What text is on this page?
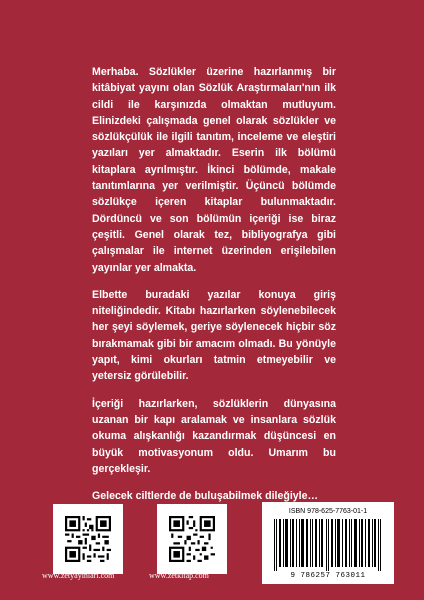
Merhaba. Sözlükler üzerine hazırlanmış bir kitâbiyat yayını olan Sözlük Araştırmaları'nın ilk cildi ile karşınızda olmaktan mutluyum. Elinizdeki çalışmada genel olarak sözlükler ve sözlükçülük ile ilgili tanıtım, inceleme ve eleştiri yazıları yer almaktadır. Eserin ilk bölümü kitaplara ayrılmıştır. İkinci bölümde, makale tanıtımlarına yer verilmiştir. Üçüncü bölümde sözlükçe içeren kitaplar bulunmaktadır. Dördüncü ve son bölümün içeriği ise biraz çeşitli. Genel olarak tez, bibliyografya gibi çalışmalar ile internet üzerinden erişilebilen yayınlar yer almakta.

Elbette buradaki yazılar konuya giriş niteliğindedir. Kitabı hazırlarken söylenebilecek her şeyi söylemek, geriye söylenecek hiçbir söz bırakmamak gibi bir amacım olmadı. Bu yönüyle yapıt, kimi okurları tatmin etmeyebilir ve yetersiz görülebilir.

İçeriği hazırlarken, sözlüklerin dünyasına uzanan bir kapı aralamak ve insanlara sözlük okuma alışkanlığı kazandırmak düşüncesi en büyük motivasyonum oldu. Umarım bu gerçekleşir.

Gelecek ciltlerde de buluşabilmek dileğiyle…

www.zetyayinlari.com	www.zetkitap.com
ISBN 978-625-7763-01-1
9 786257 763011
